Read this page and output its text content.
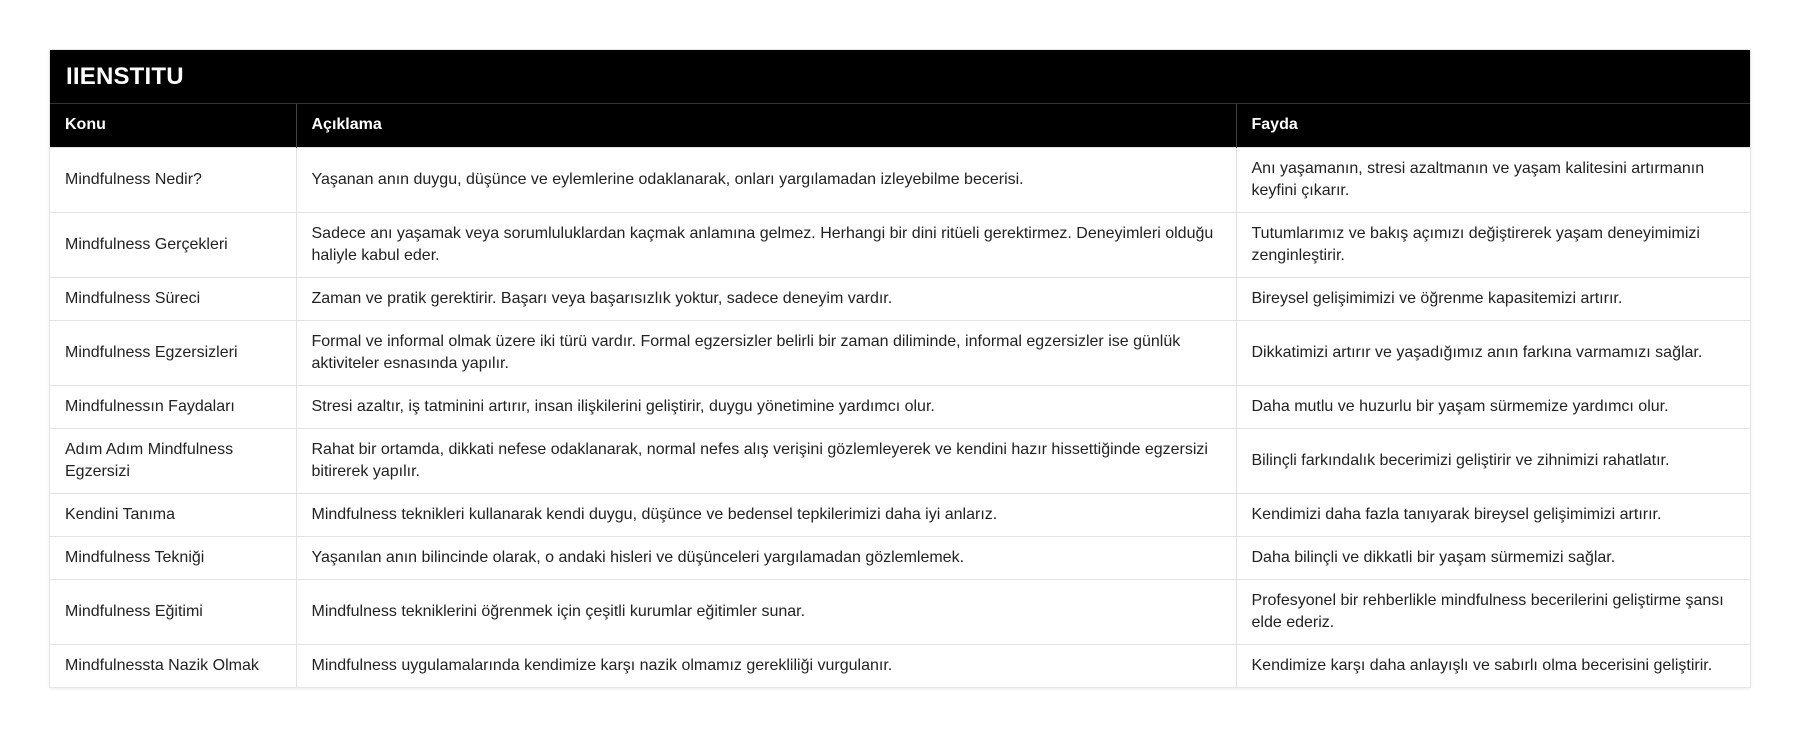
IIENSTITU
Konu	Açıklama	Fayda
Mindfulness Nedir?	Yaşanan anın duygu, düşünce ve eylemlerine odaklanarak, onları yargılamadan izleyebilme becerisi.	Anı yaşamanın, stresi azaltmanın ve yaşam kalitesini artırmanın keyfini çıkarır.
Mindfulness Gerçekleri	Sadece anı yaşamak veya sorumluluklardan kaçmak anlamına gelmez. Herhangi bir dini ritüeli gerektirmez. Deneyimleri olduğu haliyle kabul eder.	Tutumlarımız ve bakış açımızı değiştirerek yaşam deneyimimizi zenginleştirir.
Mindfulness Süreci	Zaman ve pratik gerektirir. Başarı veya başarısızlık yoktur, sadece deneyim vardır.	Bireysel gelişimimizi ve öğrenme kapasitemizi artırır.
Mindfulness Egzersizleri	Formal ve informal olmak üzere iki türü vardır. Formal egzersizler belirli bir zaman diliminde, informal egzersizler ise günlük aktiviteler esnasında yapılır.	Dikkatimizi artırır ve yaşadığımız anın farkına varmamızı sağlar.
Mindfulnessın Faydaları	Stresi azaltır, iş tatminini artırır, insan ilişkilerini geliştirir, duygu yönetimine yardımcı olur.	Daha mutlu ve huzurlu bir yaşam sürmemize yardımcı olur.
Adım Adım Mindfulness Egzersizi	Rahat bir ortamda, dikkati nefese odaklanarak, normal nefes alış verişini gözlemleyerek ve kendini hazır hissettiğinde egzersizi bitirerek yapılır.	Bilinçli farkındalık becerimizi geliştirir ve zihnimizi rahatlatır.
Kendini Tanıma	Mindfulness teknikleri kullanarak kendi duygu, düşünce ve bedensel tepkilerimizi daha iyi anlarız.	Kendimizi daha fazla tanıyarak bireysel gelişimimizi artırır.
Mindfulness Tekniği	Yaşanılan anın bilincinde olarak, o andaki hisleri ve düşünceleri yargılamadan gözlemlemek.	Daha bilinçli ve dikkatli bir yaşam sürmemizi sağlar.
Mindfulness Eğitimi	Mindfulness tekniklerini öğrenmek için çeşitli kurumlar eğitimler sunar.	Profesyonel bir rehberlikle mindfulness becerilerini geliştirme şansı elde ederiz.
Mindfulnessta Nazik Olmak	Mindfulness uygulamalarında kendimize karşı nazik olmamız gerekliliği vurgulanır.	Kendimize karşı daha anlayışlı ve sabırlı olma becerisini geliştirir.
